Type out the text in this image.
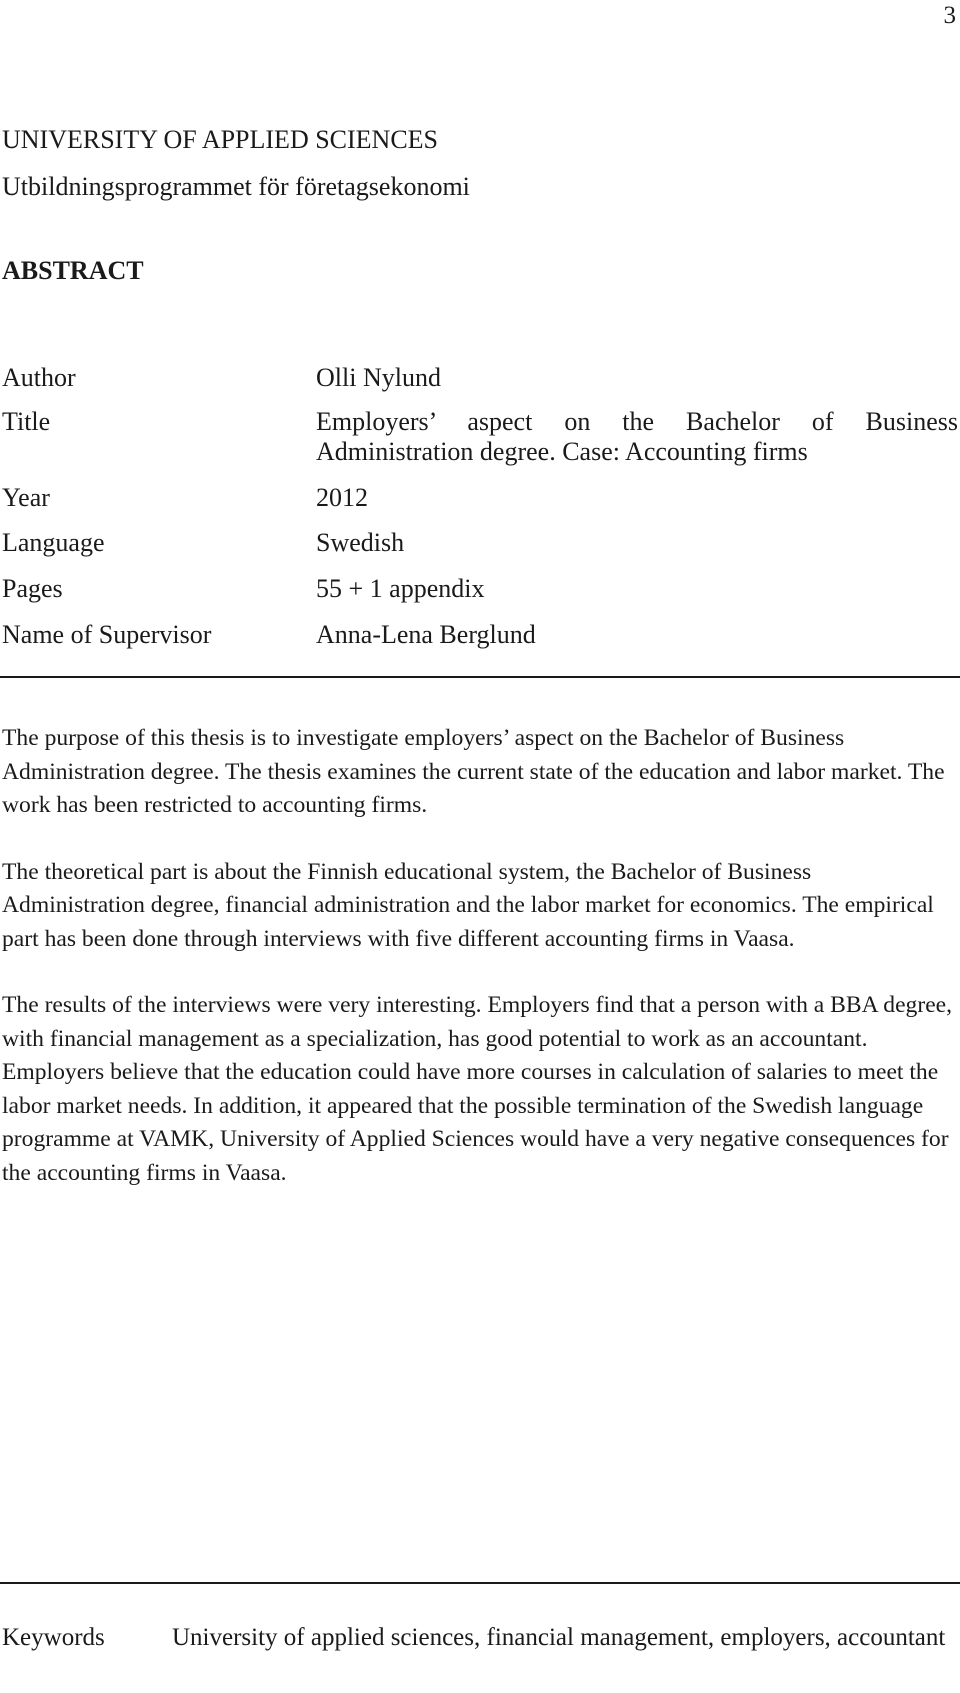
3
UNIVERSITY OF APPLIED SCIENCES
Utbildningsprogrammet för företagsekonomi
ABSTRACT
Author	Olli Nylund
Title	Employers’ aspect on the Bachelor of Business Administration degree. Case: Accounting firms
Year	2012
Language	Swedish
Pages	55 + 1 appendix
Name of Supervisor	Anna-Lena Berglund

The purpose of this thesis is to investigate employers’ aspect on the Bachelor of Business Administration degree. The thesis examines the current state of the education and labor market. The work has been restricted to accounting firms.

The theoretical part is about the Finnish educational system, the Bachelor of Business Administration degree, financial administration and the labor market for economics. The empirical part has been done through interviews with five different accounting firms in Vaasa.

The results of the interviews were very interesting. Employers find that a person with a BBA degree, with financial management as a specialization, has good potential to work as an accountant. Employers believe that the education could have more courses in calculation of salaries to meet the labor market needs. In addition, it appeared that the possible termination of the Swedish language programme at VAMK, University of Applied Sciences would have a very negative consequences for the accounting firms in Vaasa.

Keywords	University of applied sciences, financial management, employers, accountant
